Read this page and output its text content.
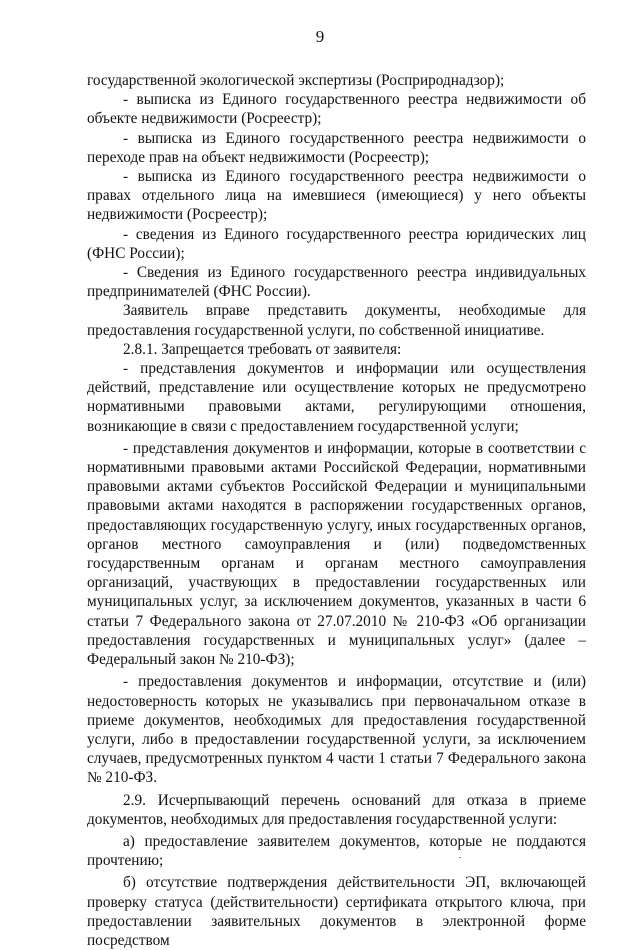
9

государственной экологической экспертизы (Росприроднадзор);

- выписка из Единого государственного реестра недвижимости об объекте недвижимости (Росреестр);

- выписка из Единого государственного реестра недвижимости о переходе прав на объект недвижимости (Росреестр);

- выписка из Единого государственного реестра недвижимости о правах отдельного лица на имевшиеся (имеющиеся) у него объекты недвижимости (Росреестр);

- сведения из Единого государственного реестра юридических лиц (ФНС России);

- Сведения из Единого государственного реестра индивидуальных предпринимателей (ФНС России).

Заявитель вправе представить документы, необходимые для предоставления государственной услуги, по собственной инициативе.

2.8.1. Запрещается требовать от заявителя:

- представления документов и информации или осуществления действий, представление или осуществление которых не предусмотрено нормативными правовыми актами, регулирующими отношения, возникающие в связи с предоставлением государственной услуги;

- представления документов и информации, которые в соответствии с нормативными правовыми актами Российской Федерации, нормативными правовыми актами субъектов Российской Федерации и муниципальными правовыми актами находятся в распоряжении государственных органов, предоставляющих государственную услугу, иных государственных органов, органов местного самоуправления и (или) подведомственных государственным органам и органам местного самоуправления организаций, участвующих в предоставлении государственных или муниципальных услуг, за исключением документов, указанных в части 6 статьи 7 Федерального закона от 27.07.2010 № 210-ФЗ «Об организации предоставления государственных и муниципальных услуг» (далее – Федеральный закон № 210-ФЗ);

- предоставления документов и информации, отсутствие и (или) недостоверность которых не указывались при первоначальном отказе в приеме документов, необходимых для предоставления государственной услуги, либо в предоставлении государственной услуги, за исключением случаев, предусмотренных пунктом 4 части 1 статьи 7 Федерального закона № 210-ФЗ.

2.9. Исчерпывающий перечень оснований для отказа в приеме документов, необходимых для предоставления государственной услуги:

а) предоставление заявителем документов, которые не поддаются прочтению;

б) отсутствие подтверждения действительности ЭП, включающей проверку статуса (действительности) сертификата открытого ключа, при предоставлении заявительных документов в электронной форме посредством
